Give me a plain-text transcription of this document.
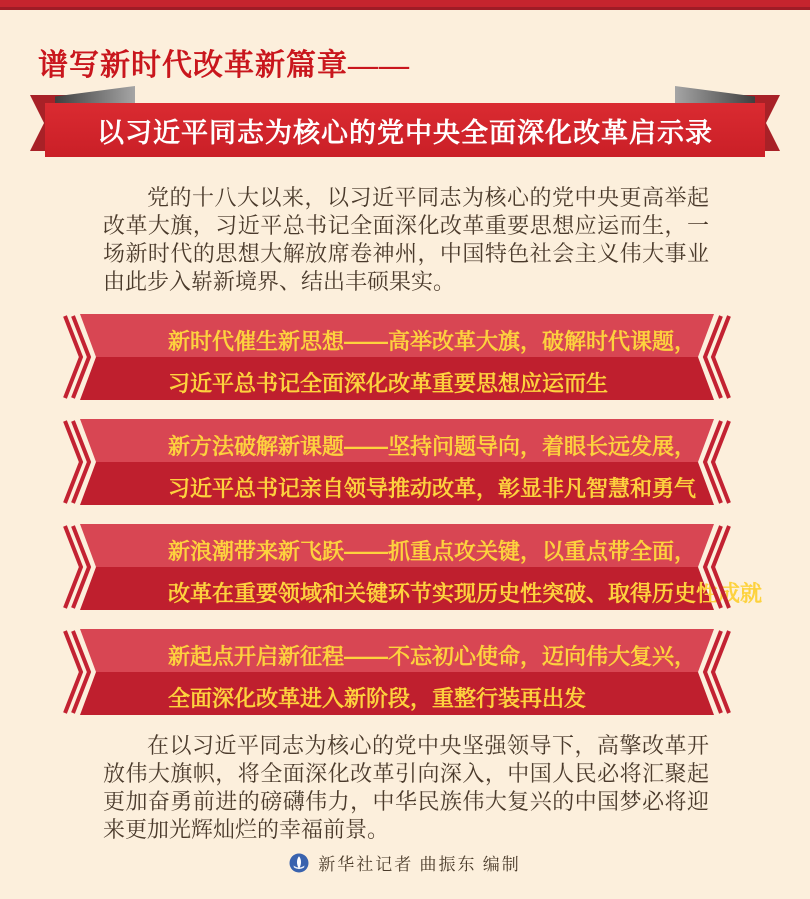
谱写新时代改革新篇章——
以习近平同志为核心的党中央全面深化改革启示录

党的十八大以来，以习近平同志为核心的党中央更高举起改革大旗，习近平总书记全面深化改革重要思想应运而生，一场新时代的思想大解放席卷神州，中国特色社会主义伟大事业由此步入崭新境界、结出丰硕果实。

新时代催生新思想——高举改革大旗，破解时代课题，
习近平总书记全面深化改革重要思想应运而生
新方法破解新课题——坚持问题导向，着眼长远发展，
习近平总书记亲自领导推动改革，彰显非凡智慧和勇气
新浪潮带来新飞跃——抓重点攻关键，以重点带全面，
改革在重要领域和关键环节实现历史性突破、取得历史性成就
新起点开启新征程——不忘初心使命，迈向伟大复兴，
全面深化改革进入新阶段，重整行装再出发

在以习近平同志为核心的党中央坚强领导下，高擎改革开放伟大旗帜，将全面深化改革引向深入，中国人民必将汇聚起更加奋勇前进的磅礴伟力，中华民族伟大复兴的中国梦必将迎来更加光辉灿烂的幸福前景。

新华社记者 曲振东 编制
